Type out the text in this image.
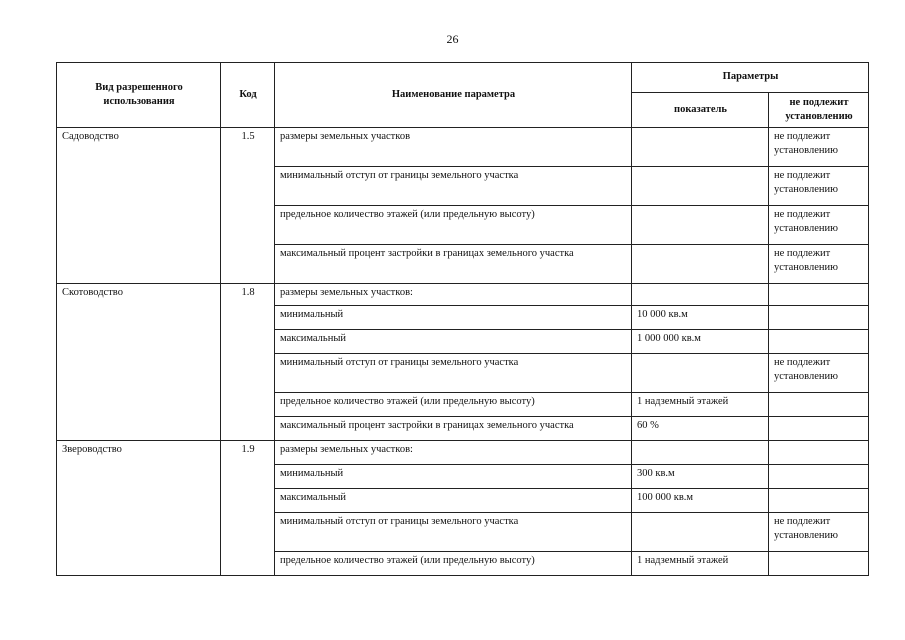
26
Вид разрешенного использования	Код	Наименование параметра	Параметры	
			показатель	не подлежит установлению
Садоводство	1.5	размеры земельных участков		не подлежит установлению
		минимальный отступ от границы земельного участка		не подлежит установлению
		предельное количество этажей (или предельную высоту)		не подлежит установлению
		максимальный процент застройки в границах земельного участка		не подлежит установлению
Скотоводство	1.8	размеры земельных участков:		
		минимальный	10 000 кв.м	
		максимальный	1 000 000 кв.м	
		минимальный отступ от границы земельного участка		не подлежит установлению
		предельное количество этажей (или предельную высоту)	1 надземный этажей	
		максимальный процент застройки в границах земельного участка	60 %	
Звероводство	1.9	размеры земельных участков:		
		минимальный	300 кв.м	
		максимальный	100 000 кв.м	
		минимальный отступ от границы земельного участка		не подлежит установлению
		предельное количество этажей (или предельную высоту)	1 надземный этажей	
